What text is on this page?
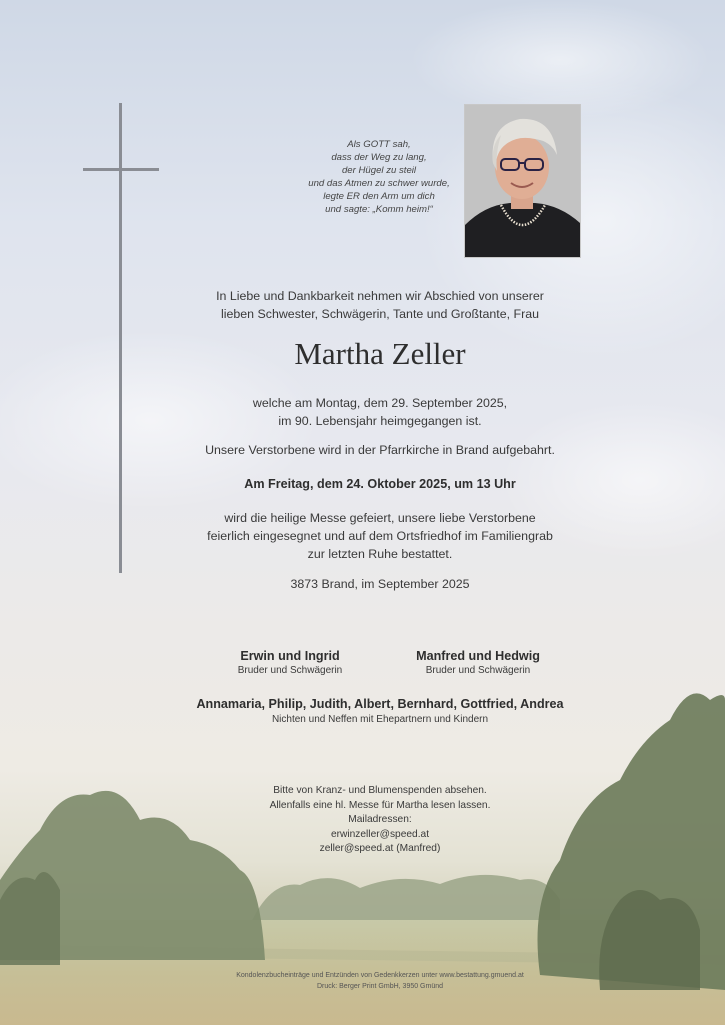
Als GOTT sah,
dass der Weg zu lang,
der Hügel zu steil
und das Atmen zu schwer wurde,
legte ER den Arm um dich
und sagte: „Komm heim!“
In Liebe und Dankbarkeit nehmen wir Abschied von unserer
lieben Schwester, Schwägerin, Tante und Großtante, Frau
Martha Zeller
welche am Montag, dem 29. September 2025,
im 90. Lebensjahr heimgegangen ist.
Unsere Verstorbene wird in der Pfarrkirche in Brand aufgebahrt.
Am Freitag, dem 24. Oktober 2025, um 13 Uhr
wird die heilige Messe gefeiert, unsere liebe Verstorbene
feierlich eingesegnet und auf dem Ortsfriedhof im Familiengrab
zur letzten Ruhe bestattet.
3873 Brand, im September 2025
Erwin und Ingrid
Bruder und Schwägerin
Manfred und Hedwig
Bruder und Schwägerin
Annamaria, Philip, Judith, Albert, Bernhard, Gottfried, Andrea
Nichten und Neffen mit Ehepartnern und Kindern
Bitte von Kranz- und Blumenspenden absehen.
Allenfalls eine hl. Messe für Martha lesen lassen.
Mailadressen:
erwinzeller@speed.at
zeller@speed.at (Manfred)
Kondolenzbucheinträge und Entzünden von Gedenkkerzen unter www.bestattung.gmuend.at
Druck: Berger Print GmbH, 3950 Gmünd
